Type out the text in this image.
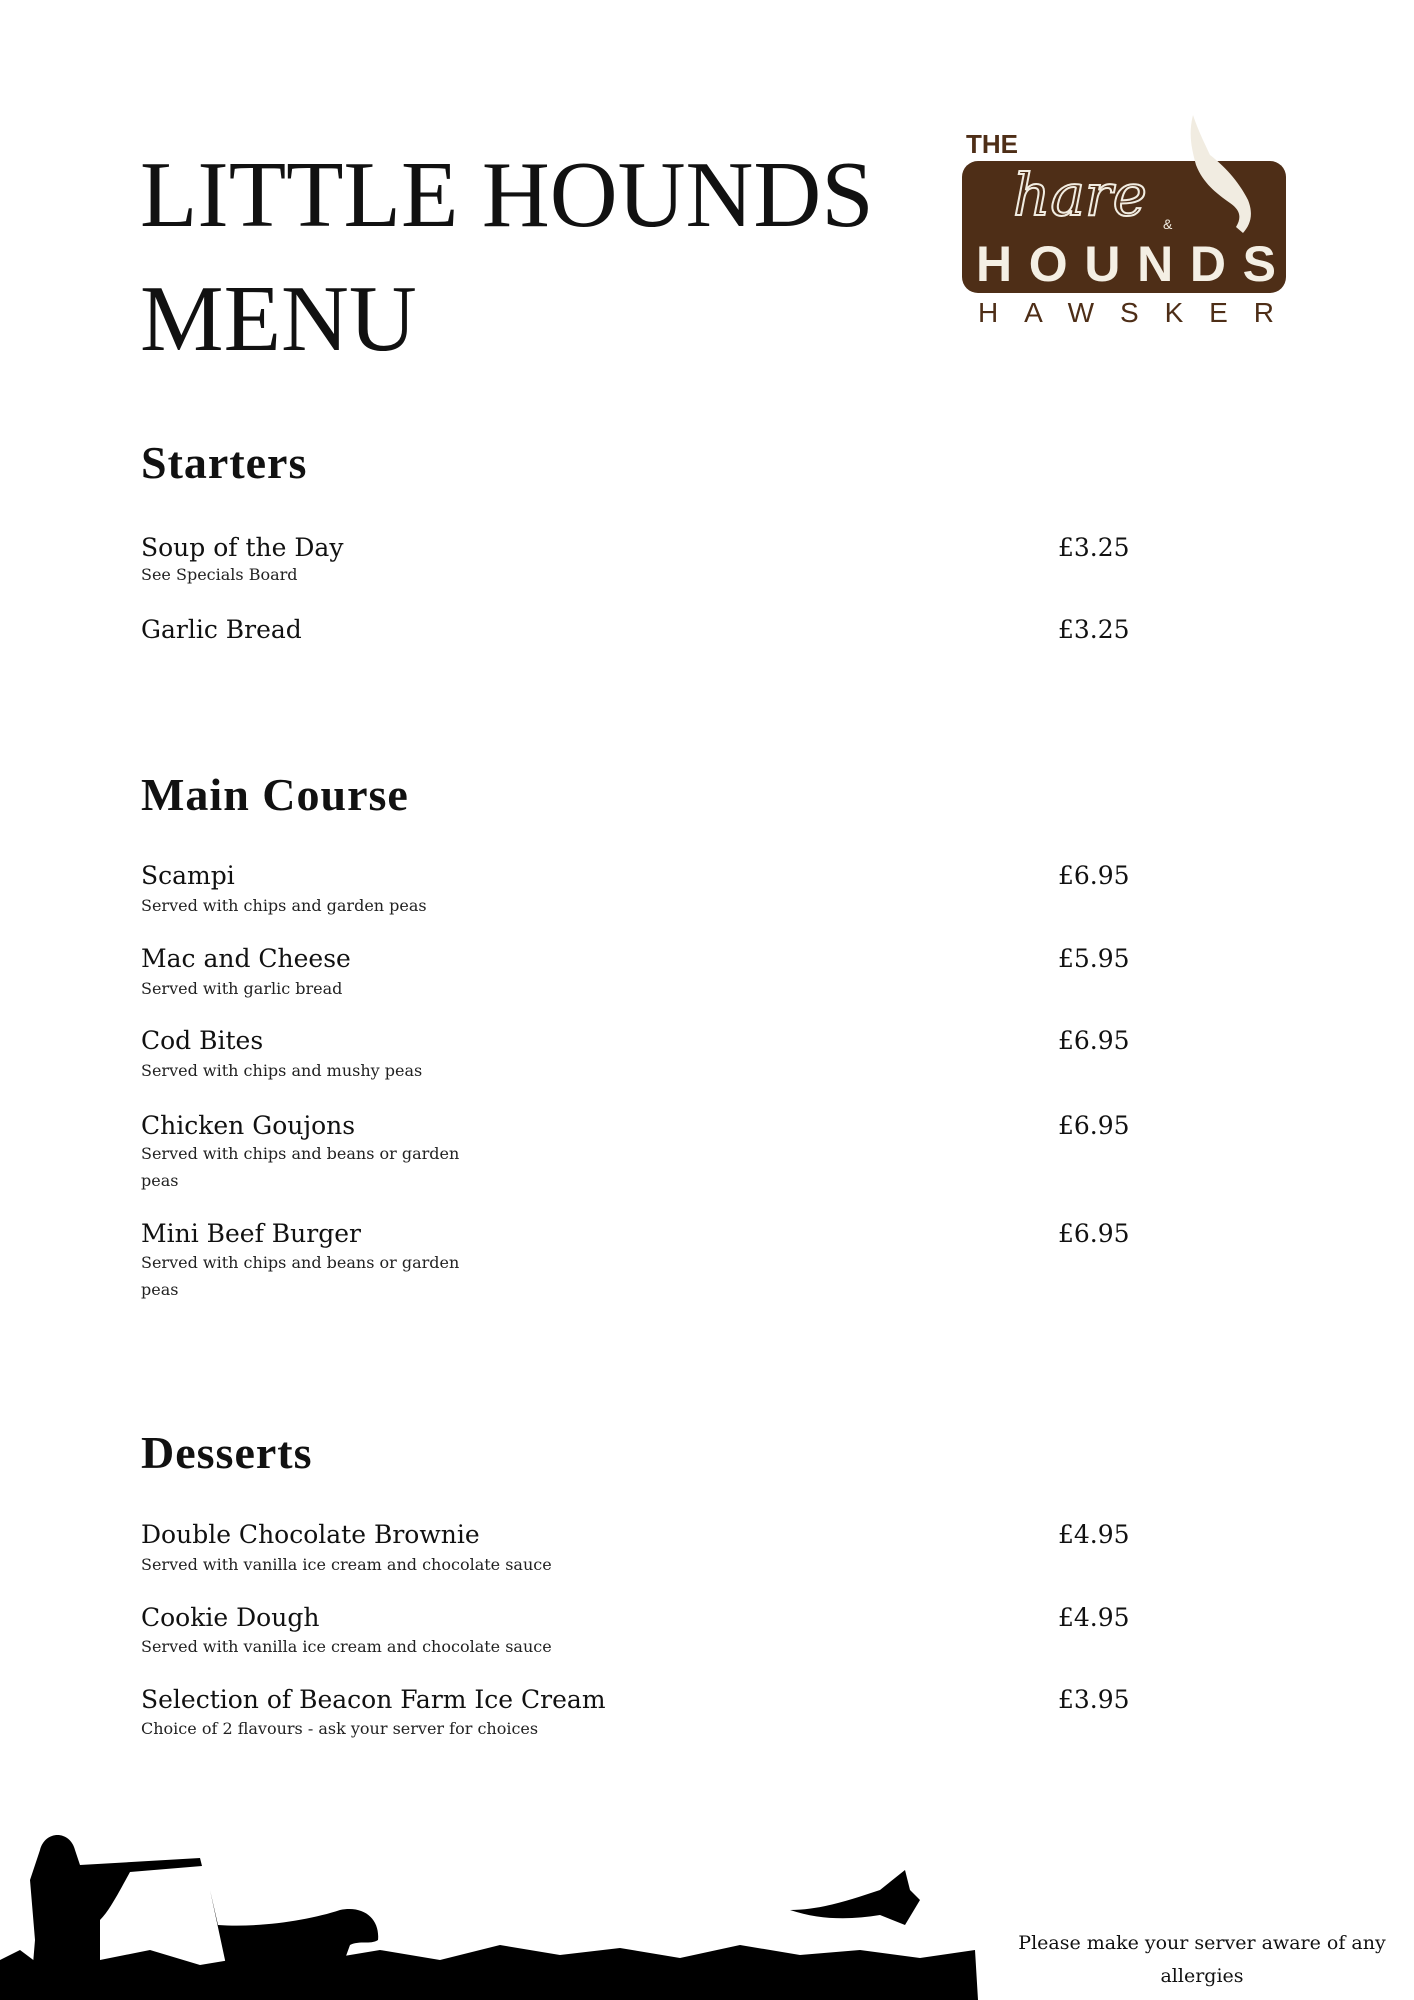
LITTLE HOUNDS
MENU
THE
hare &
HOUNDS
HAWSKER
Starters
Soup of the Day	£3.25
See Specials Board
Garlic Bread	£3.25
Main Course
Scampi	£6.95
Served with chips and garden peas
Mac and Cheese	£5.95
Served with garlic bread
Cod Bites	£6.95
Served with chips and mushy peas
Chicken Goujons	£6.95
Served with chips and beans or garden
peas
Mini Beef Burger	£6.95
Served with chips and beans or garden
peas
Desserts
Double Chocolate Brownie	£4.95
Served with vanilla ice cream and chocolate sauce
Cookie Dough	£4.95
Served with vanilla ice cream and chocolate sauce
Selection of Beacon Farm Ice Cream	£3.95
Choice of 2 flavours - ask your server for choices
Please make your server aware of any
allergies
